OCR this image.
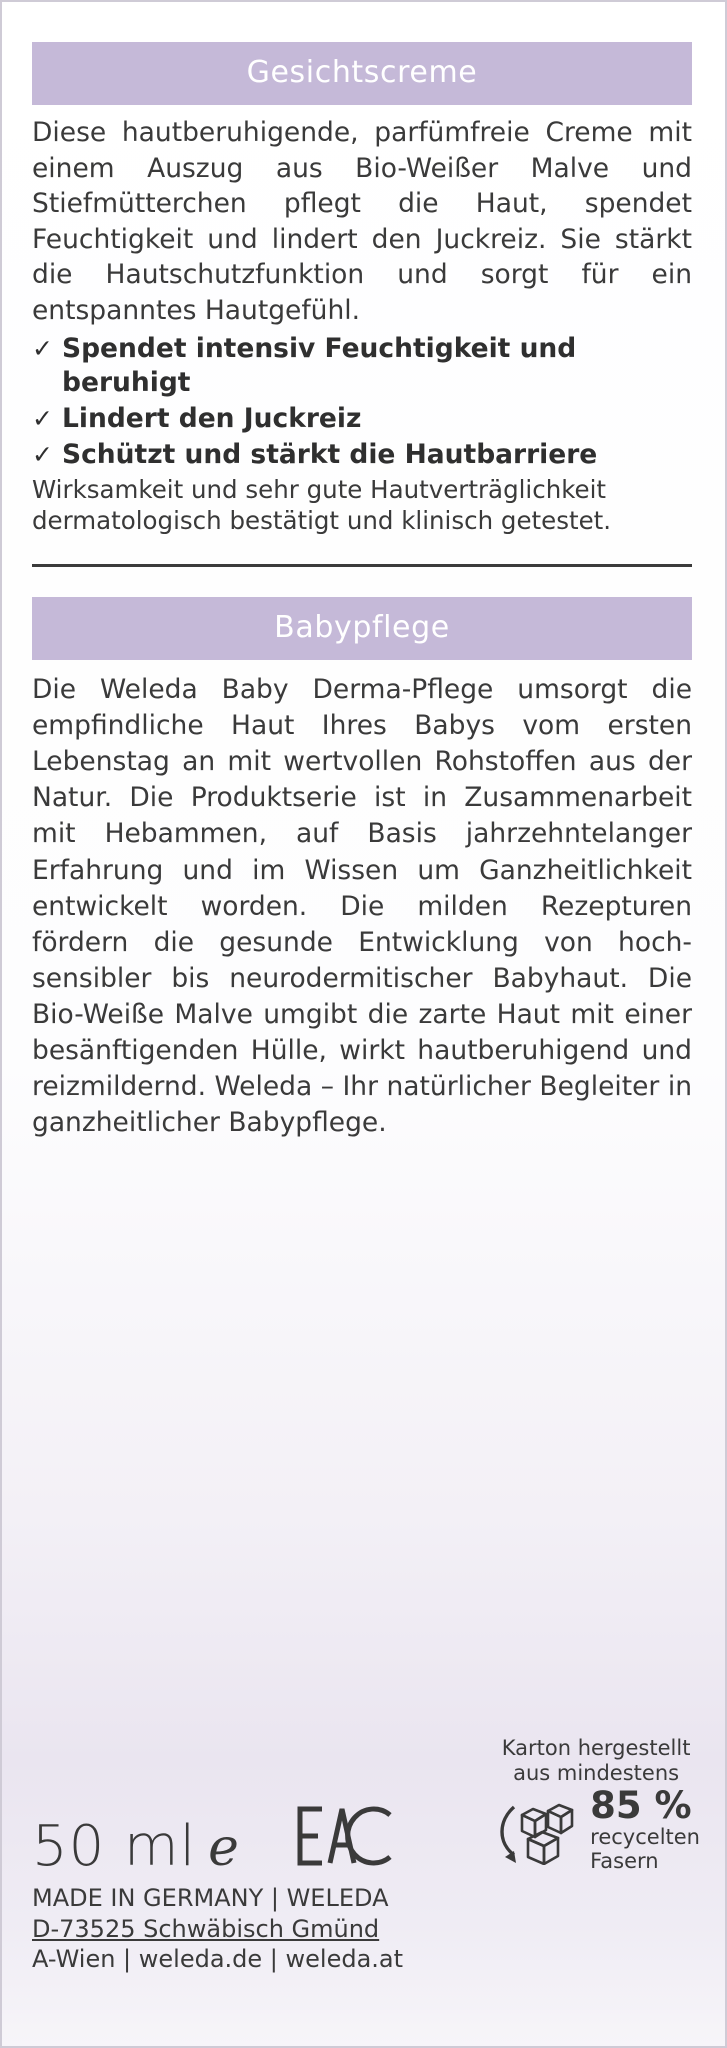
Gesichtscreme
Diese hautberuhigende, parfümfreie Creme mit einem Auszug aus Bio-Weißer Malve und Stiefmütterchen pflegt die Haut, spendet Feuchtigkeit und lindert den Juckreiz. Sie stärkt die Hautschutzfunktion und sorgt für ein entspanntes Hautgefühl.
✓ Spendet intensiv Feuchtigkeit und beruhigt
✓ Lindert den Juckreiz
✓ Schützt und stärkt die Hautbarriere
Wirksamkeit und sehr gute Hautverträglichkeit dermatologisch bestätigt und klinisch getestet.
Babypflege
Die Weleda Baby Derma-Pflege umsorgt die empfindliche Haut Ihres Babys vom ersten Lebenstag an mit wertvollen Rohstoffen aus der Natur. Die Produktserie ist in Zusammenarbeit mit Hebammen, auf Basis jahrzehntelanger Erfahrung und im Wissen um Ganzheitlichkeit entwickelt worden. Die milden Rezepturen fördern die gesunde Entwicklung von hoch-sensibler bis neurodermitischer Babyhaut. Die Bio-Weiße Malve umgibt die zarte Haut mit einer besänftigenden Hülle, wirkt hautberuhigend und reizmildernd. Weleda – Ihr natürlicher Begleiter in ganzheitlicher Babypflege.
50 ml e
Karton hergestellt
aus mindestens
85 %
recycelten
Fasern
MADE IN GERMANY | WELEDA
D-73525 Schwäbisch Gmünd
A-Wien | weleda.de | weleda.at
